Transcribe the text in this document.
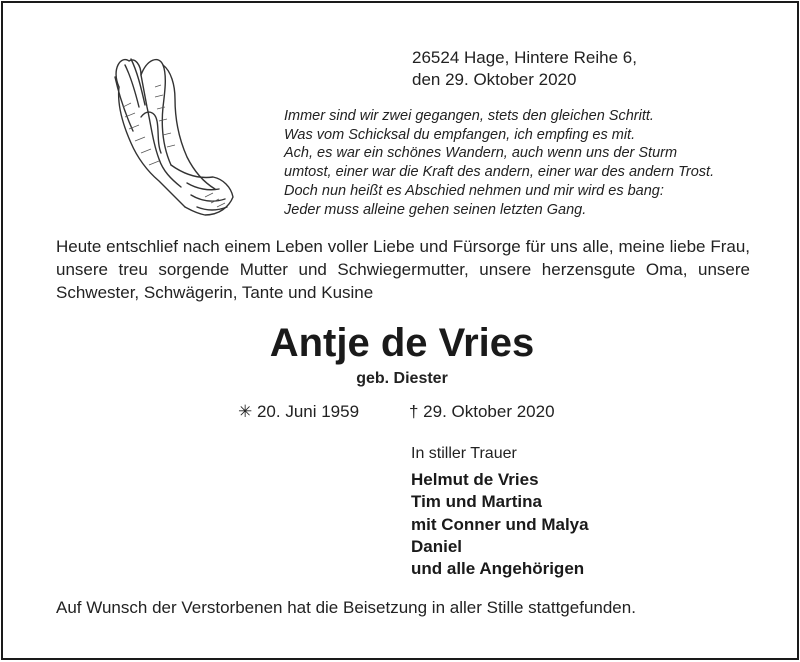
26524 Hage, Hintere Reihe 6,
den 29. Oktober 2020
Immer sind wir zwei gegangen, stets den gleichen Schritt.
Was vom Schicksal du empfangen, ich empfing es mit.
Ach, es war ein schönes Wandern, auch wenn uns der Sturm
umtost, einer war die Kraft des andern, einer war des andern Trost.
Doch nun heißt es Abschied nehmen und mir wird es bang:
Jeder muss alleine gehen seinen letzten Gang.
Heute entschlief nach einem Leben voller Liebe und Fürsorge für uns alle, meine liebe Frau, unsere treu sorgende Mutter und Schwiegermutter, unsere herzensgute Oma, unsere Schwester, Schwägerin, Tante und Kusine
Antje de Vries
geb. Diester
✳ 20. Juni 1959	† 29. Oktober 2020
In stiller Trauer
Helmut de Vries
Tim und Martina
mit Conner und Malya
Daniel
und alle Angehörigen
Auf Wunsch der Verstorbenen hat die Beisetzung in aller Stille stattgefunden.
